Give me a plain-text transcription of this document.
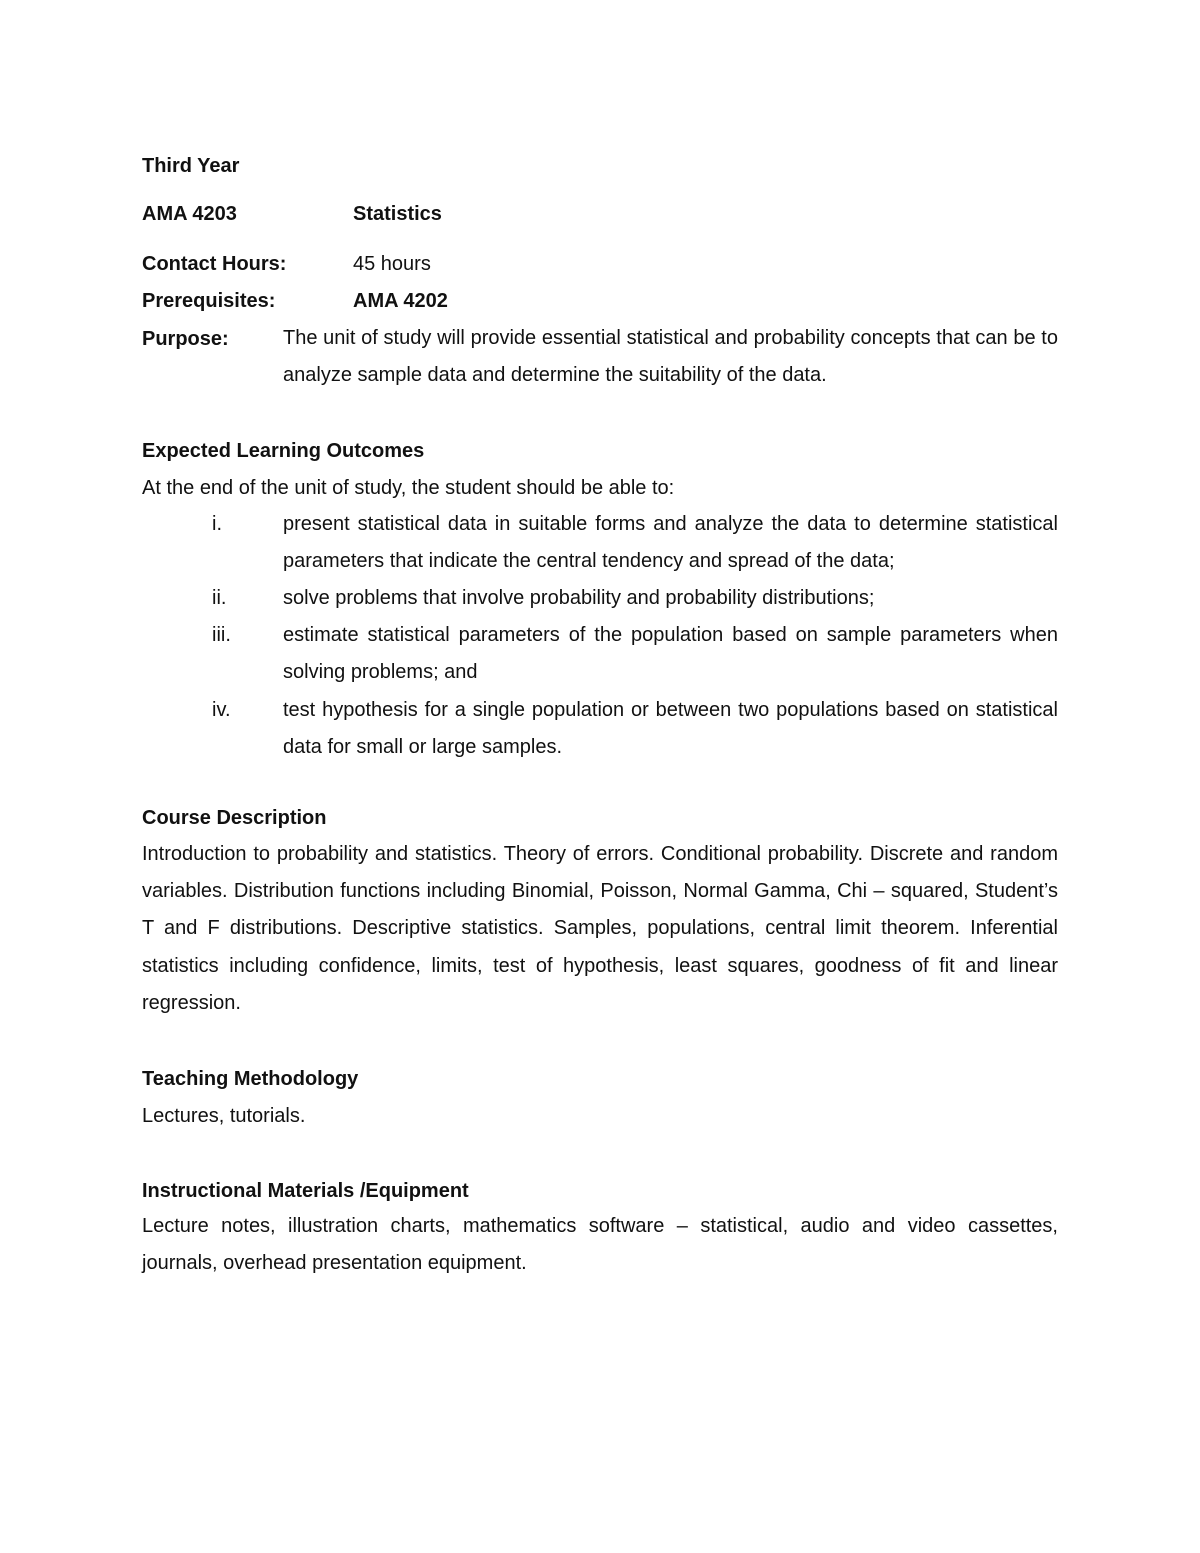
Third Year
AMA 4203	Statistics
Contact Hours:	45 hours
Prerequisites:	AMA 4202
Purpose:	The unit of study will provide essential statistical and probability concepts that can be to analyze sample data and determine the suitability of the data.
Expected Learning Outcomes
At the end of the unit of study, the student should be able to:
i.	present statistical data in suitable forms and analyze the data to determine statistical parameters that indicate the central tendency and spread of the data;
ii.	solve problems that involve probability and probability distributions;
iii.	estimate statistical parameters of the population based on sample parameters when solving problems; and
iv.	test hypothesis for a single population or between two populations based on statistical data for small or large samples.
Course Description
Introduction to probability and statistics. Theory of errors. Conditional probability. Discrete and random variables. Distribution functions including Binomial, Poisson, Normal Gamma, Chi – squared, Student’s T and F distributions. Descriptive statistics. Samples, populations, central limit theorem. Inferential statistics including confidence, limits, test of hypothesis, least squares, goodness of fit and linear regression.
Teaching Methodology
Lectures, tutorials.
Instructional Materials /Equipment
Lecture notes, illustration charts, mathematics software – statistical, audio and video cassettes, journals, overhead presentation equipment.
